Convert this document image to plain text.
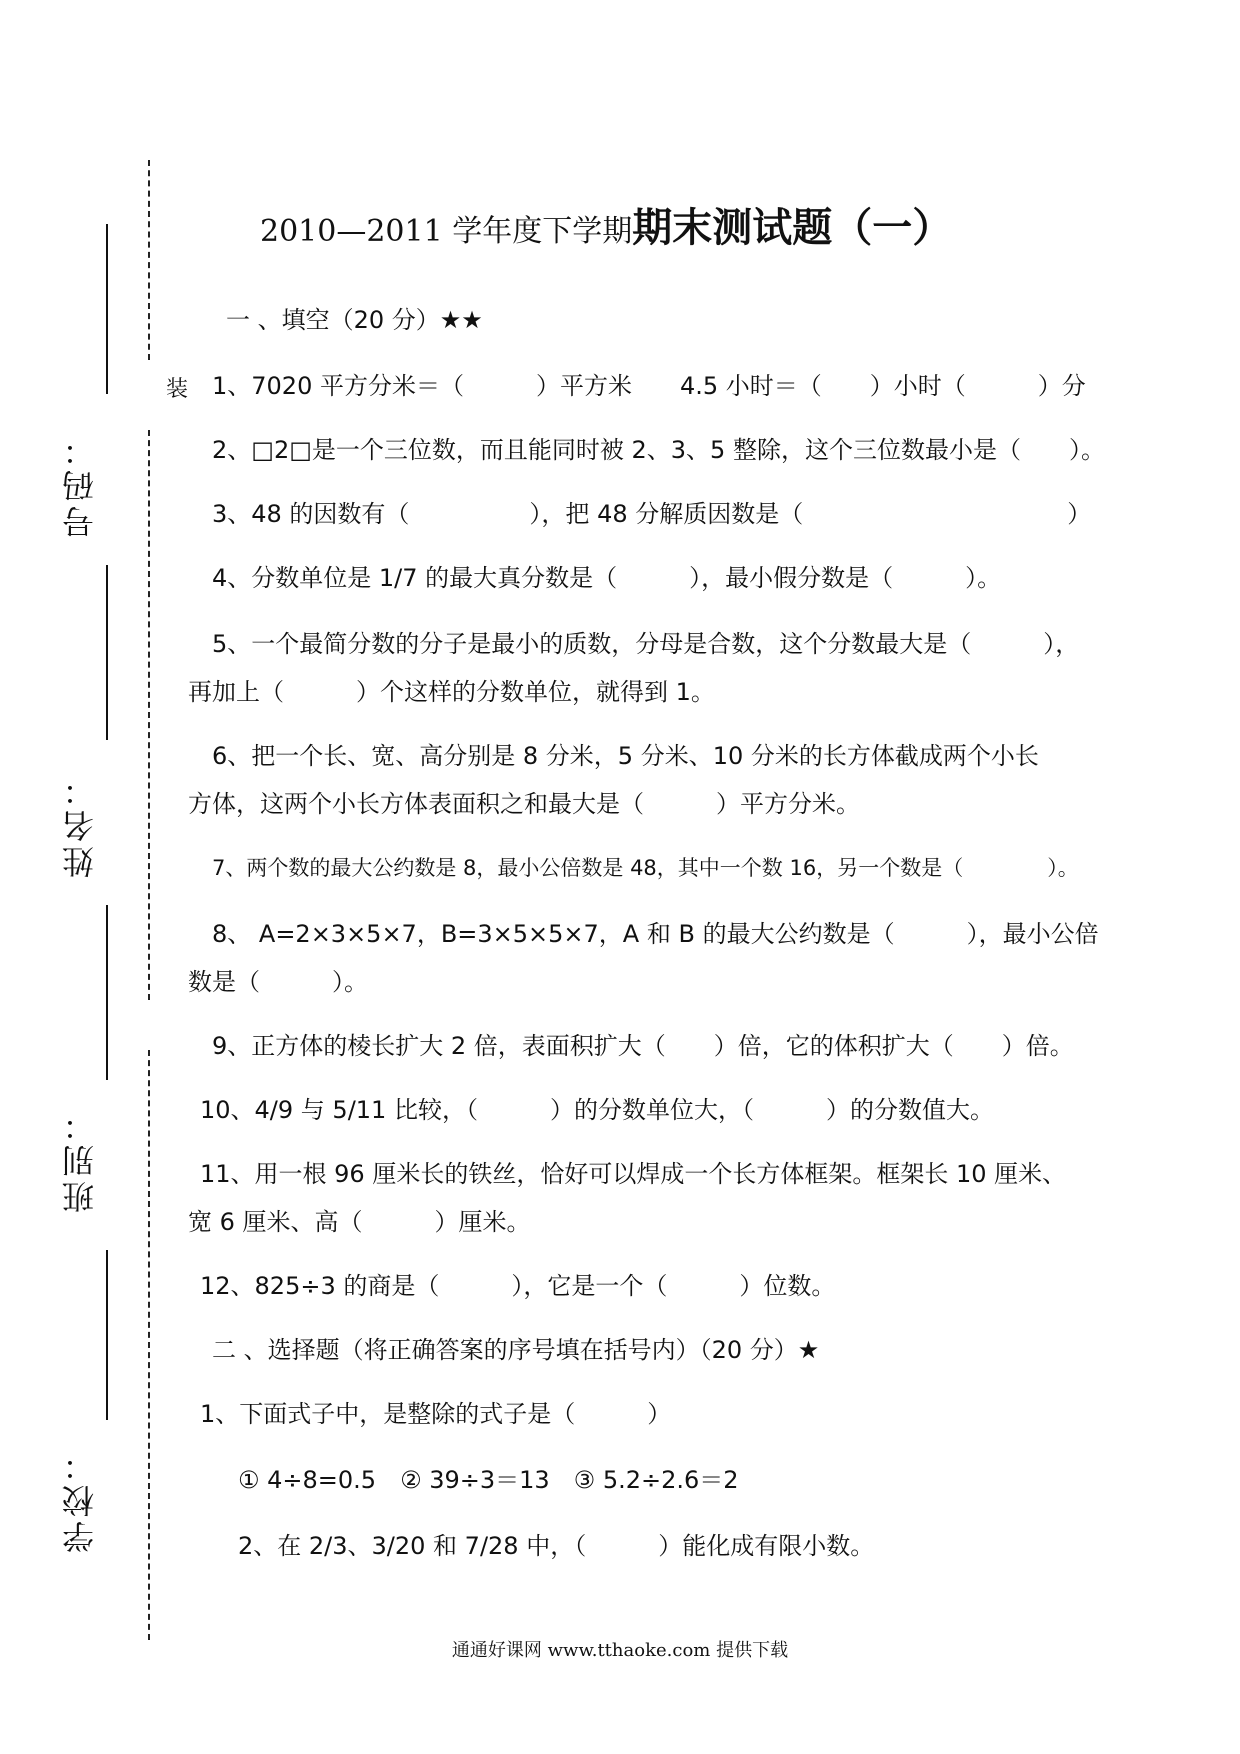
号码：
姓名：
班别：
学校：
装
2010—2011 学年度下学期期末测试题（一）
一 、填空（20 分）★★
1、7020 平方分米＝（　　　）平方米　　4.5 小时＝（　　）小时（　　　）分
2、□2□是一个三位数，而且能同时被 2、3、5 整除，这个三位数最小是（　　）。
3、48 的因数有（　　　　　），把 48 分解质因数是（　　　　　　　　　　　）
4、分数单位是 1/7 的最大真分数是（　　　），最小假分数是（　　　）。
5、一个最简分数的分子是最小的质数，分母是合数，这个分数最大是（　　　），
再加上（　　　）个这样的分数单位，就得到 1。
6、把一个长、宽、高分别是 8 分米，5 分米、10 分米的长方体截成两个小长
方体，这两个小长方体表面积之和最大是（　　　）平方分米。
7、两个数的最大公约数是 8，最小公倍数是 48，其中一个数 16，另一个数是（　　　　）。
8、 A=2×3×5×7，B=3×5×5×7，A 和 B 的最大公约数是（　　　），最小公倍
数是（　　　）。
9、正方体的棱长扩大 2 倍，表面积扩大（　　）倍，它的体积扩大（　　）倍。
10、4/9 与 5/11 比较，（　　　）的分数单位大，（　　　）的分数值大。
11、用一根 96 厘米长的铁丝，恰好可以焊成一个长方体框架。框架长 10 厘米、
宽 6 厘米、高（　　　）厘米。
12、825÷3 的商是（　　　），它是一个（　　　）位数。
二 、选择题（将正确答案的序号填在括号内）（20 分）★
1、下面式子中，是整除的式子是（　　　）
① 4÷8=0.5　② 39÷3＝13　③ 5.2÷2.6＝2
2、在 2/3、3/20 和 7/28 中，（　　　）能化成有限小数。
通通好课网 www.tthaoke.com 提供下载
